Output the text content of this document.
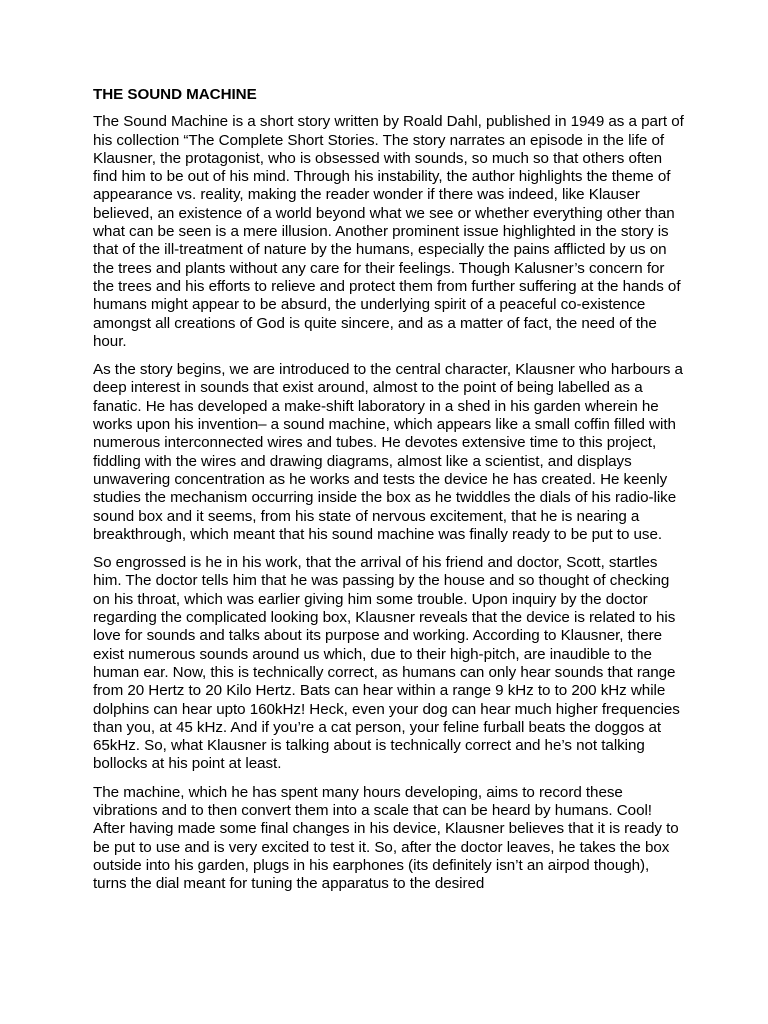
THE SOUND MACHINE

The Sound Machine is a short story written by Roald Dahl, published in 1949 as a part of his collection “The Complete Short Stories. The story narrates an episode in the life of Klausner, the protagonist, who is obsessed with sounds, so much so that others often find him to be out of his mind. Through his instability, the author highlights the theme of appearance vs. reality, making the reader wonder if there was indeed, like Klauser believed, an existence of a world beyond what we see or whether everything other than what can be seen is a mere illusion. Another prominent issue highlighted in the story is that of the ill-treatment of nature by the humans, especially the pains afflicted by us on the trees and plants without any care for their feelings. Though Kalusner’s concern for the trees and his efforts to relieve and protect them from further suffering at the hands of humans might appear to be absurd, the underlying spirit of a peaceful co-existence amongst all creations of God is quite sincere, and as a matter of fact, the need of the hour.

As the story begins, we are introduced to the central character, Klausner who harbours a deep interest in sounds that exist around, almost to the point of being labelled as a fanatic. He has developed a make-shift laboratory in a shed in his garden wherein he works upon his invention– a sound machine, which appears like a small coffin filled with numerous interconnected wires and tubes. He devotes extensive time to this project, fiddling with the wires and drawing diagrams, almost like a scientist, and displays unwavering concentration as he works and tests the device he has created. He keenly studies the mechanism occurring inside the box as he twiddles the dials of his radio-like sound box and it seems, from his state of nervous excitement, that he is nearing a breakthrough, which meant that his sound machine was finally ready to be put to use.

So engrossed is he in his work, that the arrival of his friend and doctor, Scott, startles him. The doctor tells him that he was passing by the house and so thought of checking on his throat, which was earlier giving him some trouble. Upon inquiry by the doctor regarding the complicated looking box, Klausner reveals that the device is related to his love for sounds and talks about its purpose and working. According to Klausner, there exist numerous sounds around us which, due to their high-pitch, are inaudible to the human ear. Now, this is technically correct, as humans can only hear sounds that range from 20 Hertz to 20 Kilo Hertz. Bats can hear within a range 9 kHz to to 200 kHz while dolphins can hear upto 160kHz! Heck, even your dog can hear much higher frequencies than you, at 45 kHz. And if you’re a cat person, your feline furball beats the doggos at 65kHz. So, what Klausner is talking about is technically correct and he’s not talking bollocks at his point at least.

The machine, which he has spent many hours developing, aims to record these vibrations and to then convert them into a scale that can be heard by humans. Cool! After having made some final changes in his device, Klausner believes that it is ready to be put to use and is very excited to test it. So, after the doctor leaves, he takes the box outside into his garden, plugs in his earphones (its definitely isn’t an airpod though), turns the dial meant for tuning the apparatus to the desired
